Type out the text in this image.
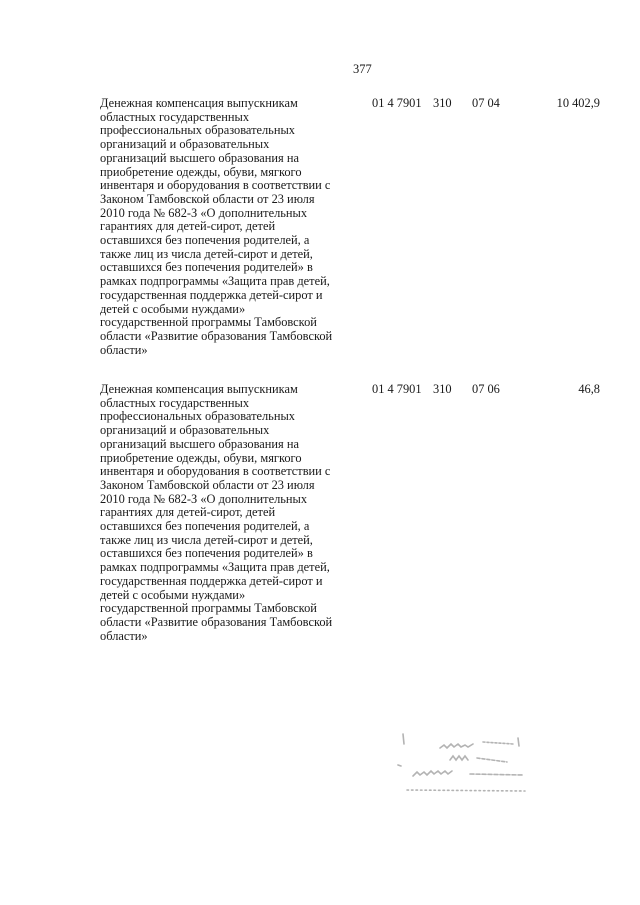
377
Денежная компенсация выпускникам
областных государственных
профессиональных образовательных
организаций и образовательных
организаций высшего образования на
приобретение одежды, обуви, мягкого
инвентаря и оборудования в соответствии с
Законом Тамбовской области от 23 июля
2010 года № 682-З «О дополнительных
гарантиях для детей-сирот, детей
оставшихся без попечения родителей, а
также лиц из числа детей-сирот и детей,
оставшихся без попечения родителей» в
рамках подпрограммы «Защита прав детей,
государственная поддержка детей-сирот и
детей с особыми нуждами»
государственной программы Тамбовской
области «Развитие образования Тамбовской
области»
01 4 7901 310 07 04	10 402,9
Денежная компенсация выпускникам
областных государственных
профессиональных образовательных
организаций и образовательных
организаций высшего образования на
приобретение одежды, обуви, мягкого
инвентаря и оборудования в соответствии с
Законом Тамбовской области от 23 июля
2010 года № 682-З «О дополнительных
гарантиях для детей-сирот, детей
оставшихся без попечения родителей, а
также лиц из числа детей-сирот и детей,
оставшихся без попечения родителей» в
рамках подпрограммы «Защита прав детей,
государственная поддержка детей-сирот и
детей с особыми нуждами»
государственной программы Тамбовской
области «Развитие образования Тамбовской
области»
01 4 7901 310 07 06	46,8
